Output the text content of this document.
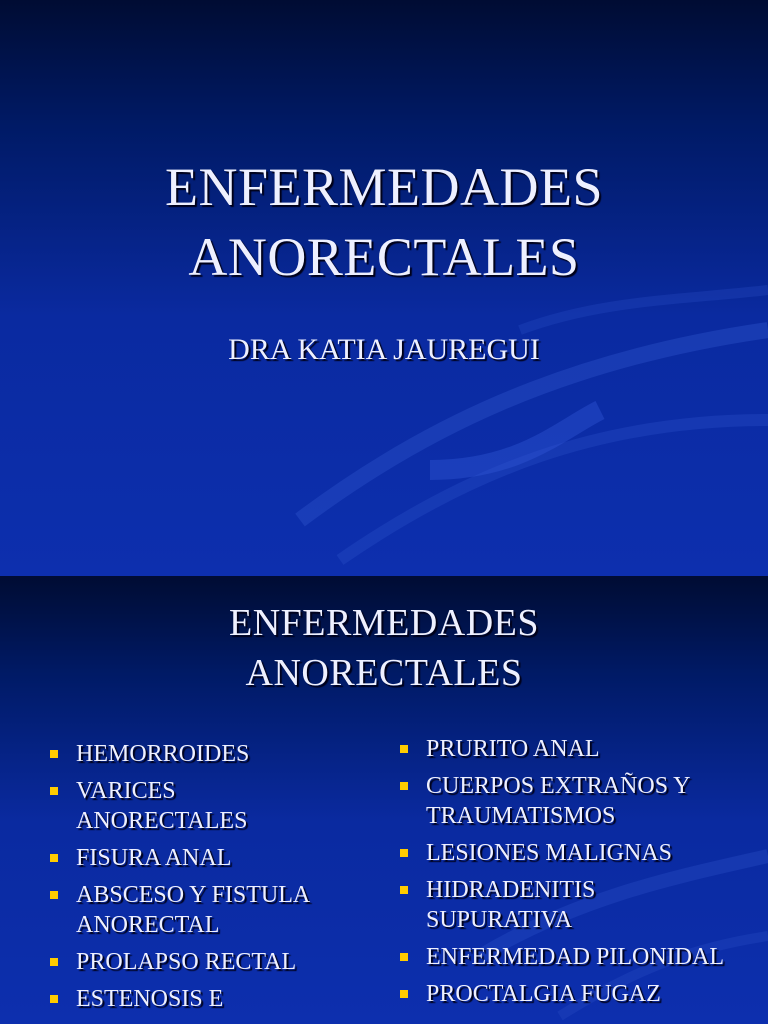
ENFERMEDADES
ANORECTALES
DRA KATIA JAUREGUI
ENFERMEDADES
ANORECTALES
HEMORROIDES
VARICES ANORECTALES
FISURA ANAL
ABSCESO Y FISTULA ANORECTAL
PROLAPSO RECTAL
ESTENOSIS E
PRURITO ANAL
CUERPOS EXTRAÑOS Y TRAUMATISMOS
LESIONES MALIGNAS
HIDRADENITIS SUPURATIVA
ENFERMEDAD PILONIDAL
PROCTALGIA FUGAZ
